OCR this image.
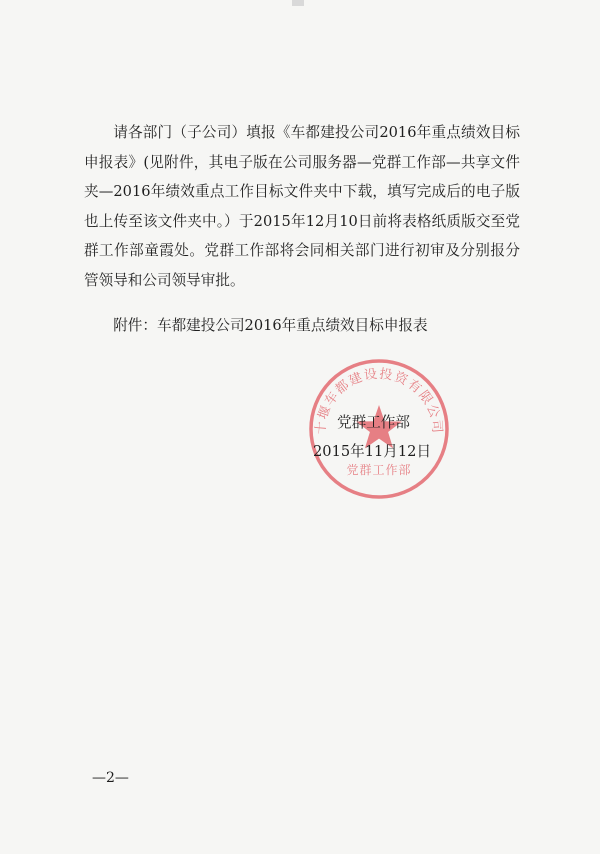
请各部门（子公司）填报《车都建投公司2016年重点绩效目标申报表》(见附件，其电子版在公司服务器—党群工作部—共享文件夹—2016年绩效重点工作目标文件夹中下载，填写完成后的电子版也上传至该文件夹中。）于2015年12月10日前将表格纸质版交至党群工作部童霞处。党群工作部将会同相关部门进行初审及分别报分管领导和公司领导审批。

附件：车都建投公司2016年重点绩效目标申报表

十堰车都建设投资有限公司
党群工作部
党群工作部
2015年11月12日
—2—
